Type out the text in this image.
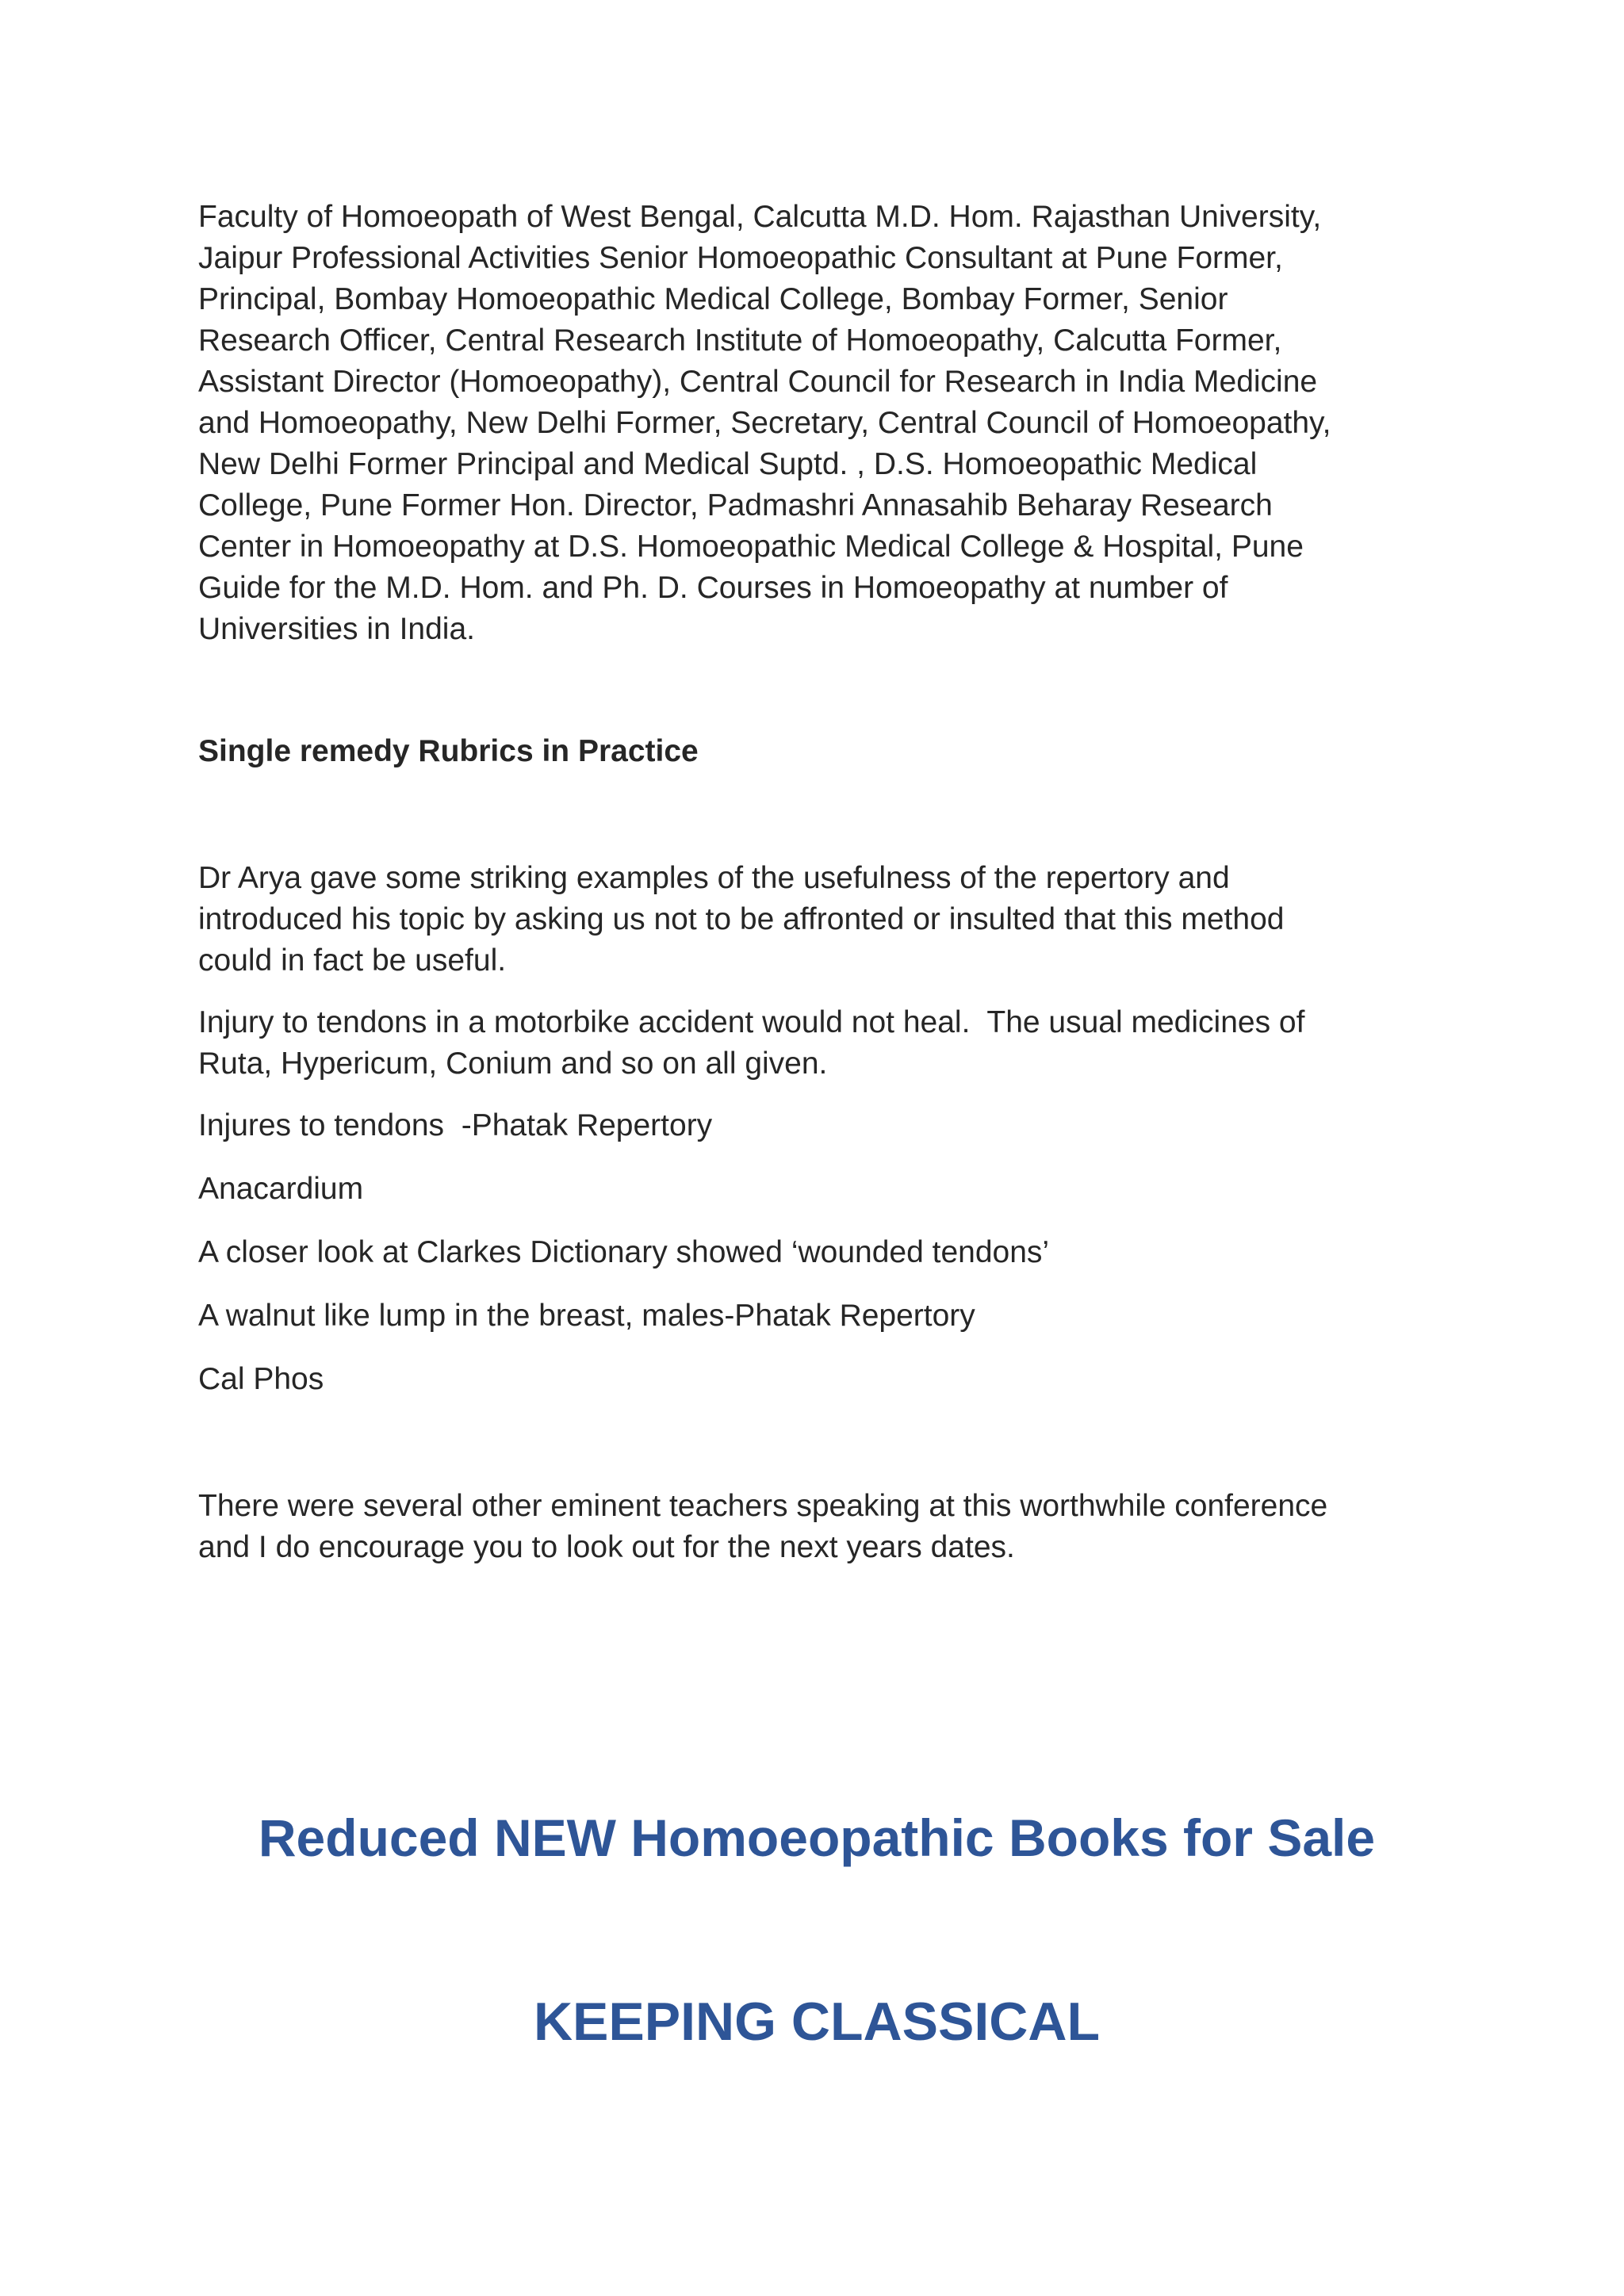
Faculty of Homoeopath of West Bengal, Calcutta M.D. Hom. Rajasthan University,
Jaipur Professional Activities Senior Homoeopathic Consultant at Pune Former,
Principal, Bombay Homoeopathic Medical College, Bombay Former, Senior
Research Officer, Central Research Institute of Homoeopathy, Calcutta Former,
Assistant Director (Homoeopathy), Central Council for Research in India Medicine
and Homoeopathy, New Delhi Former, Secretary, Central Council of Homoeopathy,
New Delhi Former Principal and Medical Suptd. , D.S. Homoeopathic Medical
College, Pune Former Hon. Director, Padmashri Annasahib Beharay Research
Center in Homoeopathy at D.S. Homoeopathic Medical College & Hospital, Pune
Guide for the M.D. Hom. and Ph. D. Courses in Homoeopathy at number of
Universities in India.

Single remedy Rubrics in Practice

Dr Arya gave some striking examples of the usefulness of the repertory and
introduced his topic by asking us not to be affronted or insulted that this method
could in fact be useful.

Injury to tendons in a motorbike accident would not heal.  The usual medicines of
Ruta, Hypericum, Conium and so on all given.

Injures to tendons  -Phatak Repertory

Anacardium

A closer look at Clarkes Dictionary showed ‘wounded tendons’

A walnut like lump in the breast, males-Phatak Repertory

Cal Phos

There were several other eminent teachers speaking at this worthwhile conference
and I do encourage you to look out for the next years dates.

Reduced NEW Homoeopathic Books for Sale
KEEPING CLASSICAL
